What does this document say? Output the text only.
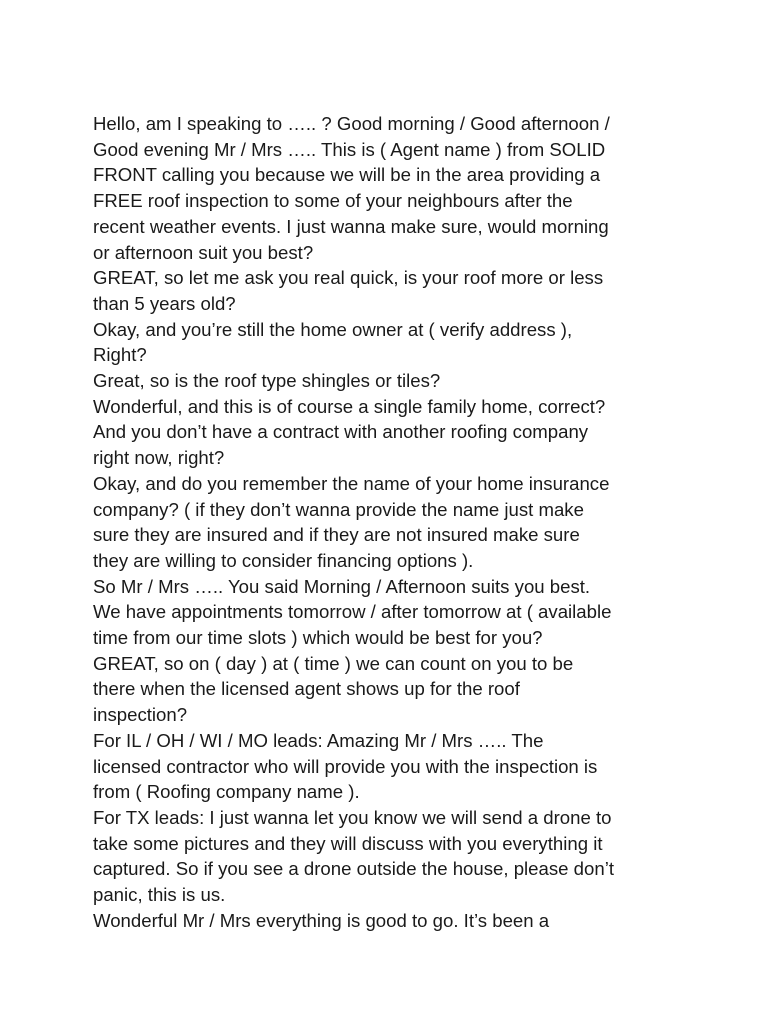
Hello, am I speaking to ….. ? Good morning / Good afternoon /
Good evening Mr / Mrs ….. This is ( Agent name ) from SOLID
FRONT calling you because we will be in the area providing a
FREE roof inspection to some of your neighbours after the
recent weather events. I just wanna make sure, would morning
or afternoon suit you best?
GREAT, so let me ask you real quick, is your roof more or less
than 5 years old?
Okay, and you’re still the home owner at ( verify address ),
Right?
Great, so is the roof type shingles or tiles?
Wonderful, and this is of course a single family home, correct?
And you don’t have a contract with another roofing company
right now, right?
Okay, and do you remember the name of your home insurance
company? ( if they don’t wanna provide the name just make
sure they are insured and if they are not insured make sure
they are willing to consider financing options ).
So Mr / Mrs ….. You said Morning / Afternoon suits you best.
We have appointments tomorrow / after tomorrow at ( available
time from our time slots ) which would be best for you?
GREAT, so on ( day ) at ( time ) we can count on you to be
there when the licensed agent shows up for the roof
inspection?
For IL / OH / WI / MO leads: Amazing Mr / Mrs ….. The
licensed contractor who will provide you with the inspection is
from ( Roofing company name ).
For TX leads: I just wanna let you know we will send a drone to
take some pictures and they will discuss with you everything it
captured. So if you see a drone outside the house, please don’t
panic, this is us.
Wonderful Mr / Mrs everything is good to go. It’s been a
